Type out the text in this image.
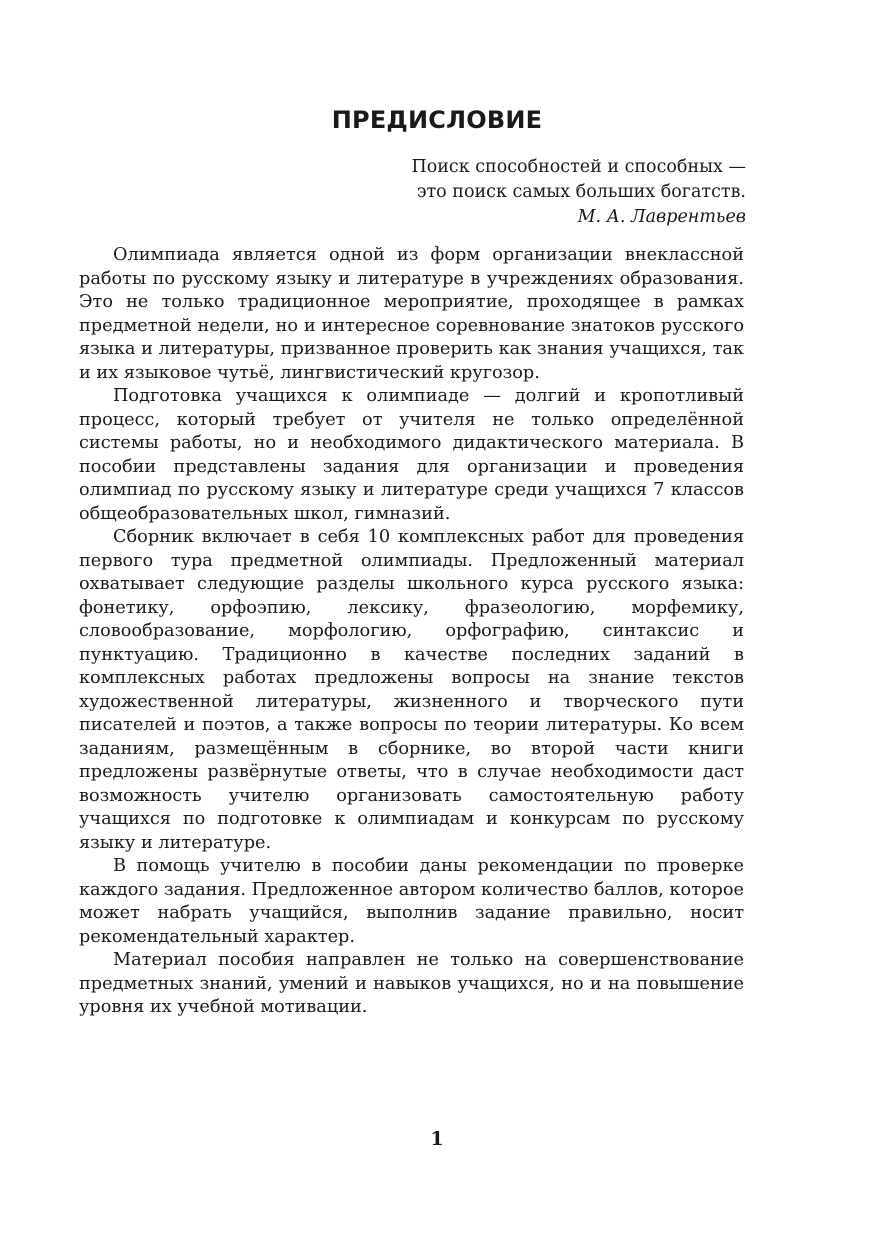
ПРЕДИСЛОВИЕ
Поиск способностей и способных —
это поиск самых больших богатств.
М. А. Лаврентьев

Олимпиада является одной из форм организации внеклассной работы по русскому языку и литературе в учреждениях образования. Это не только традиционное мероприятие, проходящее в рамках предметной недели, но и интересное соревнование знатоков русского языка и литературы, призванное проверить как знания учащихся, так и их языковое чутьё, лингвистический кругозор.

Подготовка учащихся к олимпиаде — долгий и кропотливый процесс, который требует от учителя не только определённой системы работы, но и необходимого дидактического материала. В пособии представлены задания для организации и проведения олимпиад по русскому языку и литературе среди учащихся 7 классов общеобразовательных школ, гимназий.

Сборник включает в себя 10 комплексных работ для проведения первого тура предметной олимпиады. Предложенный материал охватывает следующие разделы школьного курса русского языка: фонетику, орфоэпию, лексику, фразеологию, морфемику, словообразование, морфологию, орфографию, синтаксис и пунктуацию. Традиционно в качестве последних заданий в комплексных работах предложены вопросы на знание текстов художественной литературы, жизненного и творческого пути писателей и поэтов, а также вопросы по теории литературы. Ко всем заданиям, размещённым в сборнике, во второй части книги предложены развёрнутые ответы, что в случае необходимости даст возможность учителю организовать самостоятельную работу учащихся по подготовке к олимпиадам и конкурсам по русскому языку и литературе.

В помощь учителю в пособии даны рекомендации по проверке каждого задания. Предложенное автором количество баллов, которое может набрать учащийся, выполнив задание правильно, носит рекомендательный характер.

Материал пособия направлен не только на совершенствование предметных знаний, умений и навыков учащихся, но и на повышение уровня их учебной мотивации.

1
